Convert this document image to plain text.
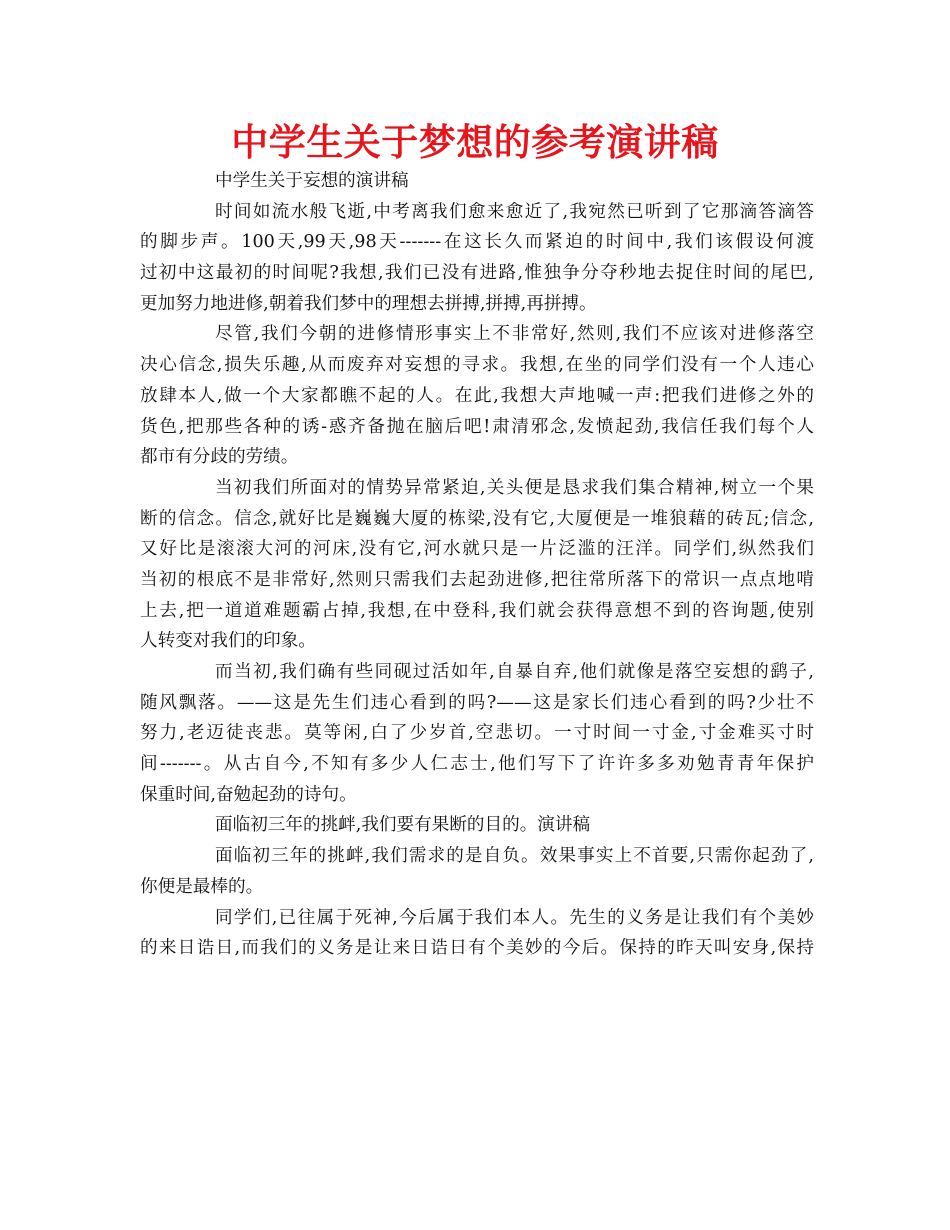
中学生关于梦想的参考演讲稿
中学生关于妄想的演讲稿
时间如流水般飞逝,中考离我们愈来愈近了,我宛然已听到了它那滴答滴答
的脚步声。100天,99天,98天-------在这长久而紧迫的时间中,我们该假设何渡
过初中这最初的时间呢?我想,我们已没有进路,惟独争分夺秒地去捉住时间的尾巴,
更加努力地进修,朝着我们梦中的理想去拼搏,拼搏,再拼搏。
尽管,我们今朝的进修情形事实上不非常好,然则,我们不应该对进修落空
决心信念,损失乐趣,从而废弃对妄想的寻求。我想,在坐的同学们没有一个人违心
放肆本人,做一个大家都瞧不起的人。在此,我想大声地喊一声:把我们进修之外的
货色,把那些各种的诱-惑齐备抛在脑后吧!肃清邪念,发愤起劲,我信任我们每个人
都市有分歧的劳绩。
当初我们所面对的情势异常紧迫,关头便是恳求我们集合精神,树立一个果
断的信念。信念,就好比是巍巍大厦的栋梁,没有它,大厦便是一堆狼藉的砖瓦;信念,
又好比是滚滚大河的河床,没有它,河水就只是一片泛滥的汪洋。同学们,纵然我们
当初的根底不是非常好,然则只需我们去起劲进修,把往常所落下的常识一点点地啃
上去,把一道道难题霸占掉,我想,在中登科,我们就会获得意想不到的咨询题,使别
人转变对我们的印象。
而当初,我们确有些同砚过活如年,自暴自弃,他们就像是落空妄想的鹞子,
随风飘落。——这是先生们违心看到的吗?——这是家长们违心看到的吗?少壮不
努力,老迈徒丧悲。莫等闲,白了少岁首,空悲切。一寸时间一寸金,寸金难买寸时
间-------。从古自今,不知有多少人仁志士,他们写下了许许多多劝勉青青年保护
保重时间,奋勉起劲的诗句。
面临初三年的挑衅,我们要有果断的目的。演讲稿
面临初三年的挑衅,我们需求的是自负。效果事实上不首要,只需你起劲了,
你便是最棒的。
同学们,已往属于死神,今后属于我们本人。先生的义务是让我们有个美妙
的来日诰日,而我们的义务是让来日诰日有个美妙的今后。保持的昨天叫安身,保持
